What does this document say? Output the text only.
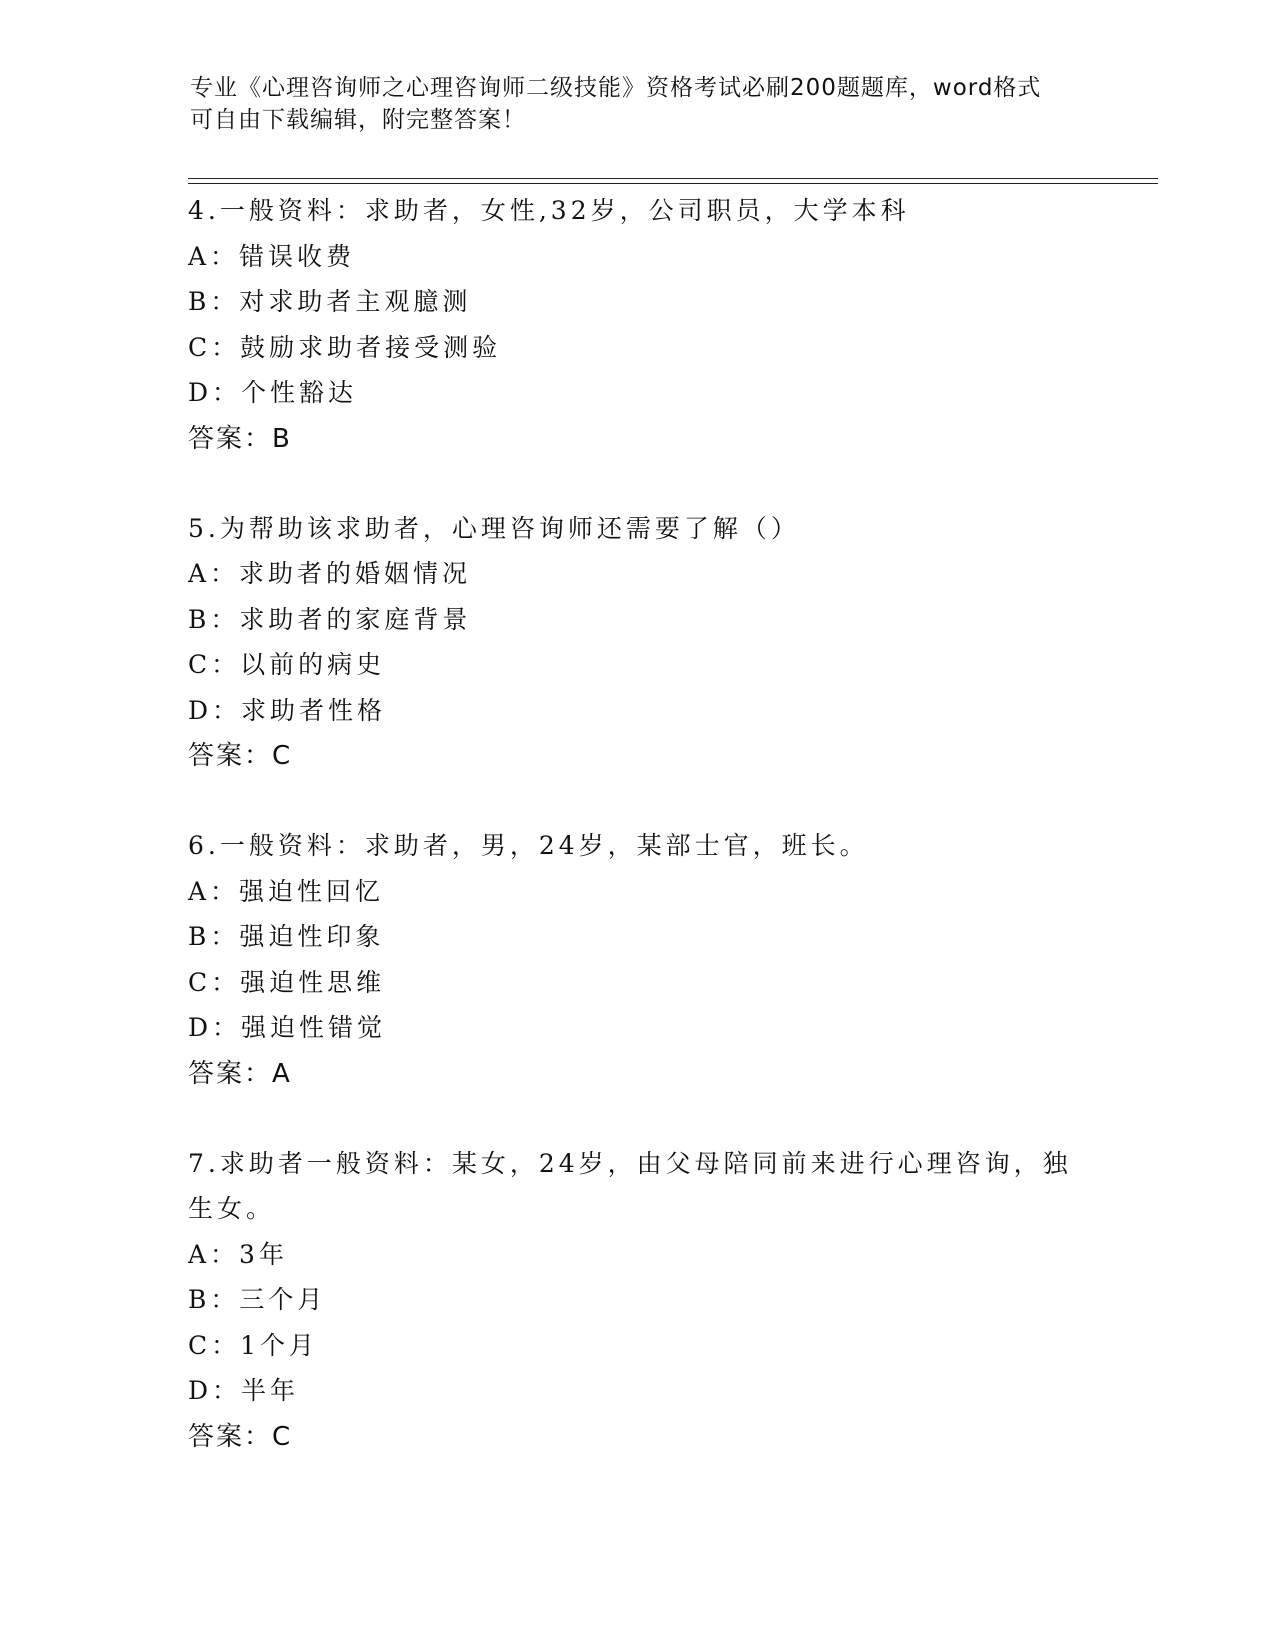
专业《心理咨询师之心理咨询师二级技能》资格考试必刷200题题库，word格式
可自由下载编辑，附完整答案！
4.一般资料：求助者，女性,32岁，公司职员，大学本科
A：错误收费
B：对求助者主观臆测
C：鼓励求助者接受测验
D：个性豁达
答案：B
5.为帮助该求助者，心理咨询师还需要了解（）
A：求助者的婚姻情况
B：求助者的家庭背景
C：以前的病史
D：求助者性格
答案：C
6.一般资料：求助者，男，24岁，某部士官，班长。
A：强迫性回忆
B：强迫性印象
C：强迫性思维
D：强迫性错觉
答案：A
7.求助者一般资料：某女，24岁，由父母陪同前来进行心理咨询，独
生女。
A：3年
B：三个月
C：1个月
D：半年
答案：C
